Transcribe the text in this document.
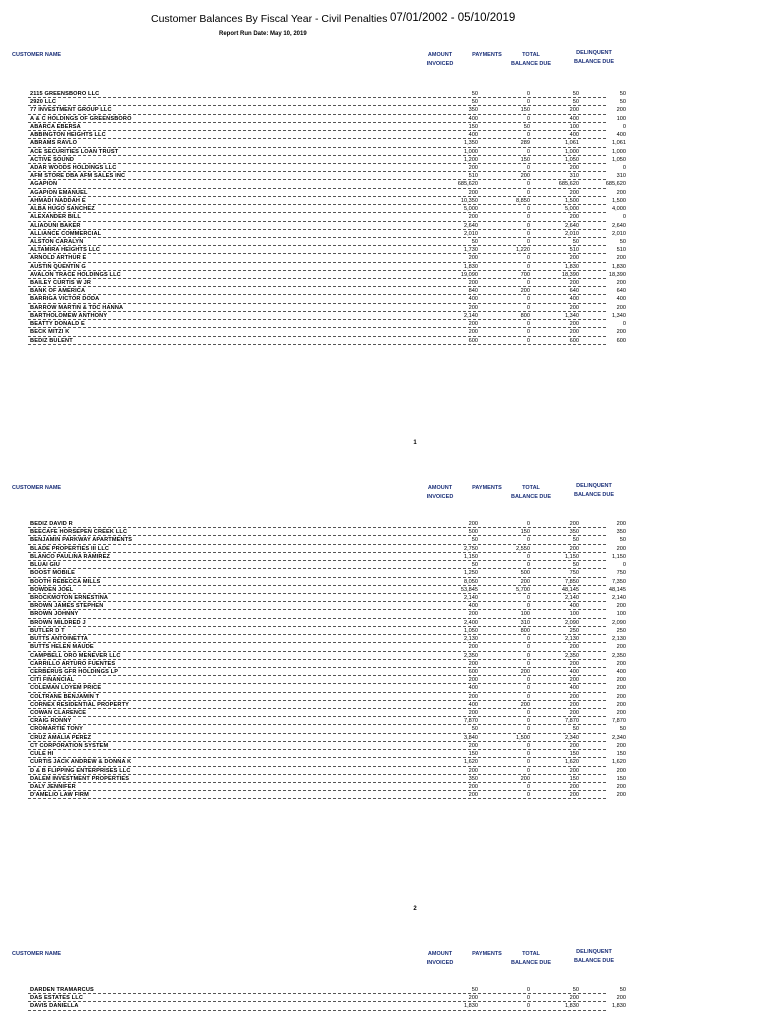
Customer Balances By Fiscal Year - Civil Penalties 07/01/2002 - 05/10/2019
Report Run Date: May 10, 2019
CUSTOMER NAME	AMOUNT
INVOICED
PAYMENTS	TOTAL
BALANCE DUE
DELINQUENT
BALANCE DUE
2115 GREENSBORO LLC	50	0	50	50
2920 LLC	50	0	50	50
77 INVESTMENT GROUP LLC	350	150	200	200
A & C HOLDINGS OF GREENSBORO	400	0	400	100
ABARCA EBERSA	150	50	100	0
ABBINGTON HEIGHTS LLC	400	0	400	400
ABRAMS RAVLO	1,350	289	1,061	1,061
ACE SECURITIES LOAN TRUST	1,000	0	1,000	1,000
ACTIVE SOUND	1,200	150	1,050	1,050
ADAR WOODS HOLDINGS LLC	200	0	200	0
AFM STORE DBA AFM SALES INC	510	200	310	310
AGAPION	685,620	0	685,620	685,620
AGAPION EMANUEL	200	0	200	200
AHMADI NADDAH E	10,350	8,850	1,500	1,500
ALBA HUGO SANCHEZ	5,000	0	5,000	4,000
ALEXANDER BILL	200	0	200	0
ALIAOUNI BAKER	2,640	0	2,640	2,640
ALLIANCE COMMERCIAL	2,010	0	2,010	2,010
ALSTON CARALYN	50	0	50	50
ALTAMIRA HEIGHTS LLC	1,730	1,220	510	510
ARNOLD ARTHUR E	200	0	200	200
AUSTIN QUENTIN G	1,830	0	1,830	1,830
AVALON TRACE HOLDINGS LLC	19,090	700	18,390	18,390
BAILEY CURTIS W JR	200	0	200	200
BANK OF AMERICA	840	200	640	640
BARRIGA VICTOR DODA	400	0	400	400
BARROW MARTIN & TDC HANNA	200	0	200	200
BARTHOLOMEW ANTHONY	2,140	800	1,340	1,340
BEATTY DONALD E	200	0	200	0
BECK MITZI K	200	0	200	200
BEDIZ BULENT	600	0	600	600
1
CUSTOMER NAME	AMOUNT
INVOICED
PAYMENTS	TOTAL
BALANCE DUE
DELINQUENT
BALANCE DUE
BEDIZ DAVID R	200	0	200	200
BEECAFE HORSEPEN CREEK LLC	500	150	350	350
BENJAMIN PARKWAY APARTMENTS	50	0	50	50
BLADE PROPERTIES III LLC	2,750	2,550	200	200
BLANCO PAULINA RAMIREZ	1,150	0	1,150	1,150
BLUAI GIU	50	0	50	0
BOOST MOBILE	1,250	500	750	750
BOOTH REBECCA MILLS	8,050	200	7,850	7,350
BOWDEN JOEL	53,845	5,700	48,145	48,145
BROCKMOTON ERNESTINA	2,140	0	2,140	2,140
BROWN JAMES STEPHEN	400	0	400	200
BROWN JOHNNY	200	100	100	100
BROWN MILDRED J	2,400	310	2,090	2,090
BUTLER D T	1,050	800	250	250
BUTTS ANTOINETTA	2,130	0	2,130	2,130
BUTTS HELEN MAUDE	200	0	200	200
CAMPBELL ORO MENEVER LLC	2,350	0	2,350	2,350
CARRILLO ARTURO FUENTES	200	0	200	200
CERBERUS GFR HOLDINGS LP	600	200	400	400
CITI FINANCIAL	200	0	200	200
COLEMAN LOYEM PRICE	400	0	400	200
COLTRANE BENJAMIN T	200	0	200	200
CORNEX RESIDENTIAL PROPERTY	400	200	200	200
COWAN CLARENCE	200	0	200	200
CRAIG RONNY	7,870	0	7,870	7,870
CROMARTIE TONY	50	0	50	50
CRUZ AMALIA PEREZ	3,840	1,500	2,340	2,340
CT CORPORATION SYSTEM	200	0	200	200
CULE HI	150	0	150	150
CURTIS JACK ANDREW & DONNA K	1,620	0	1,620	1,620
D & B FLIPPING ENTERPRISES LLC	200	0	200	200
DALEM INVESTMENT PROPERTIES	350	200	150	150
DALY JENNIFER	200	0	200	200
D'AMELIO LAW FIRM	200	0	200	200
2
CUSTOMER NAME	AMOUNT
INVOICED
PAYMENTS	TOTAL
BALANCE DUE
DELINQUENT
BALANCE DUE
DARDEN TRAMARCUS	50	0	50	50
DAS ESTATES LLC	200	0	200	200
DAVIS DANIELLA	1,830	0	1,830	1,830
